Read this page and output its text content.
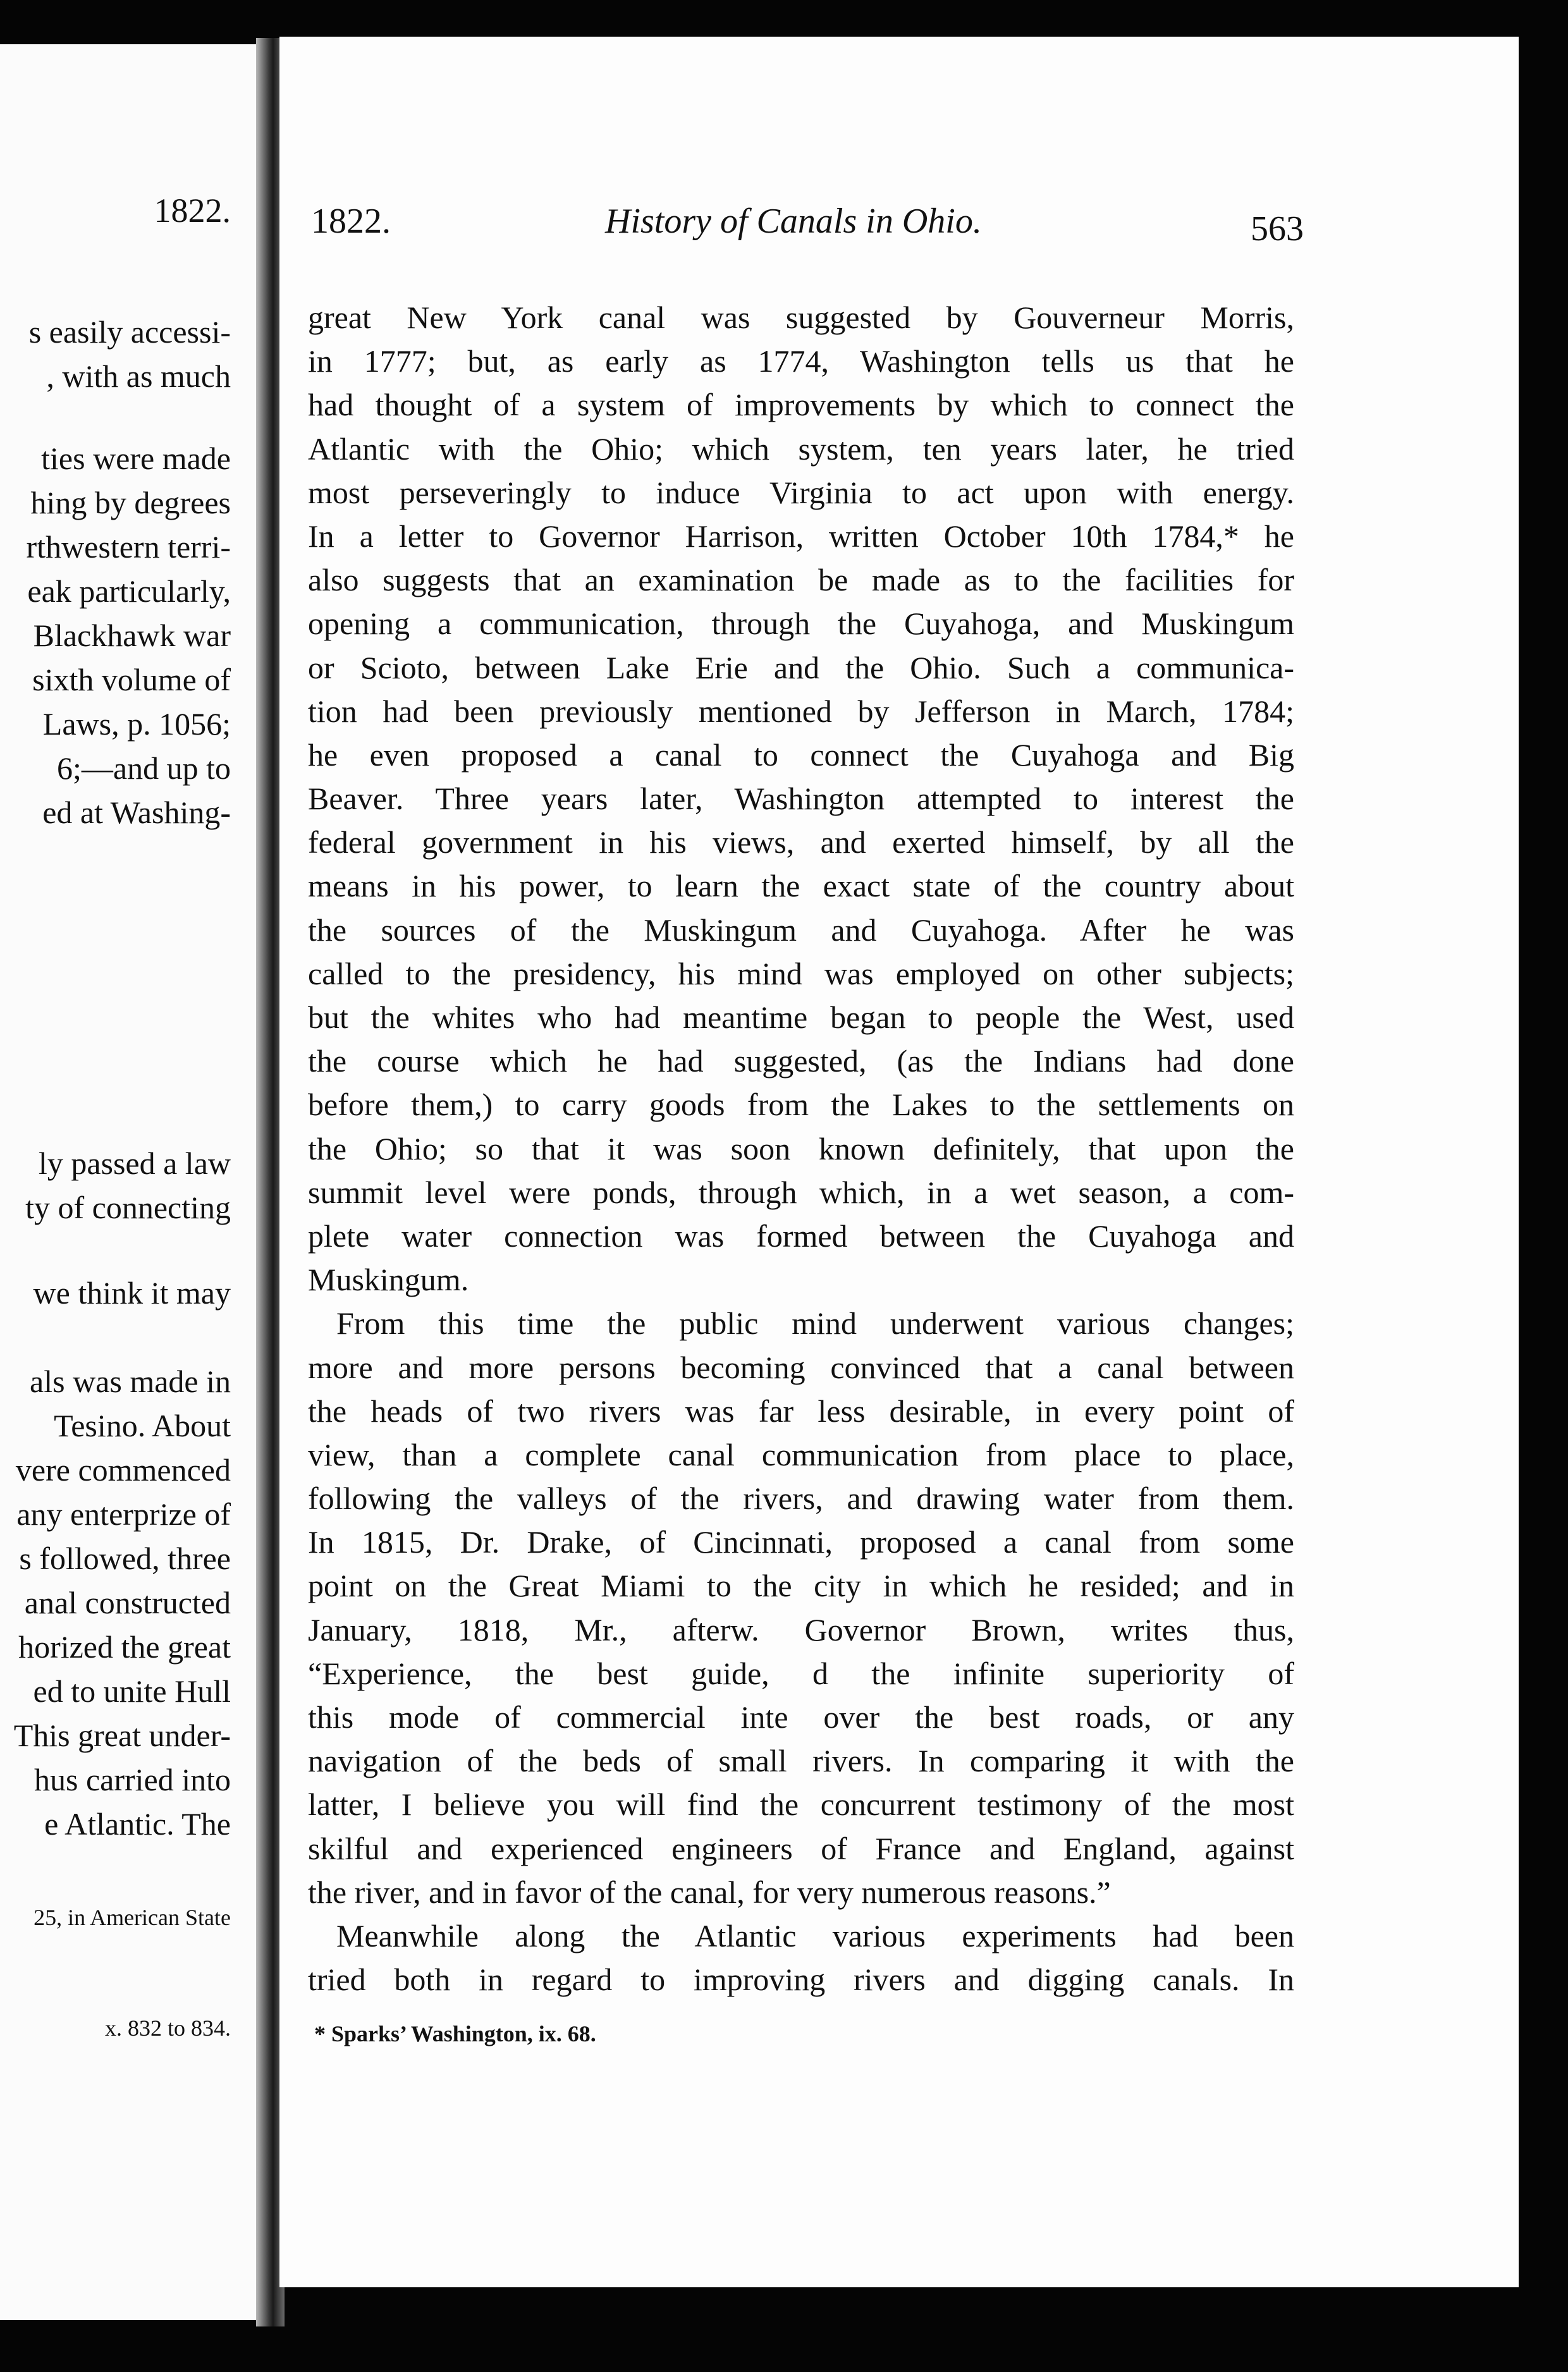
1822.
s easily accessi-
, with as much
ties were made
hing by degrees
rthwestern terri-
eak particularly,
Blackhawk war
sixth volume of
Laws, p. 1056;
6;—and up to
ed at Washing-
ly passed a law
ty of connecting
we think it may
als was made in
Tesino. About
vere commenced
any enterprize of
s followed, three
anal constructed
horized the great
ed to unite Hull
This great under-
hus carried into
e Atlantic. The
25, in American State
x. 832 to 834.
1822.	History of Canals in Ohio.	563
great New York canal was suggested by Gouverneur Morris,
in 1777; but, as early as 1774, Washington tells us that he
had thought of a system of improvements by which to connect the
Atlantic with the Ohio; which system, ten years later, he tried
most perseveringly to induce Virginia to act upon with energy.
In a letter to Governor Harrison, written October 10th 1784,* he
also suggests that an examination be made as to the facilities for
opening a communication, through the Cuyahoga, and Muskingum
or Scioto, between Lake Erie and the Ohio. Such a communica-
tion had been previously mentioned by Jefferson in March, 1784;
he even proposed a canal to connect the Cuyahoga and Big
Beaver. Three years later, Washington attempted to interest the
federal government in his views, and exerted himself, by all the
means in his power, to learn the exact state of the country about
the sources of the Muskingum and Cuyahoga. After he was
called to the presidency, his mind was employed on other subjects;
but the whites who had meantime began to people the West, used
the course which he had suggested, (as the Indians had done
before them,) to carry goods from the Lakes to the settlements on
the Ohio; so that it was soon known definitely, that upon the
summit level were ponds, through which, in a wet season, a com-
plete water connection was formed between the Cuyahoga and
Muskingum.
From this time the public mind underwent various changes;
more and more persons becoming convinced that a canal between
the heads of two rivers was far less desirable, in every point of
view, than a complete canal communication from place to place,
following the valleys of the rivers, and drawing water from them.
In 1815, Dr. Drake, of Cincinnati, proposed a canal from some
point on the Great Miami to the city in which he resided; and in
January, 1818, Mr., afterw. Governor Brown, writes thus,
“Experience, the best guide, d the infinite superiority of
this mode of commercial inte over the best roads, or any
navigation of the beds of small rivers. In comparing it with the
latter, I believe you will find the concurrent testimony of the most
skilful and experienced engineers of France and England, against
the river, and in favor of the canal, for very numerous reasons.”
Meanwhile along the Atlantic various experiments had been
tried both in regard to improving rivers and digging canals. In
* Sparks’ Washington, ix. 68.
